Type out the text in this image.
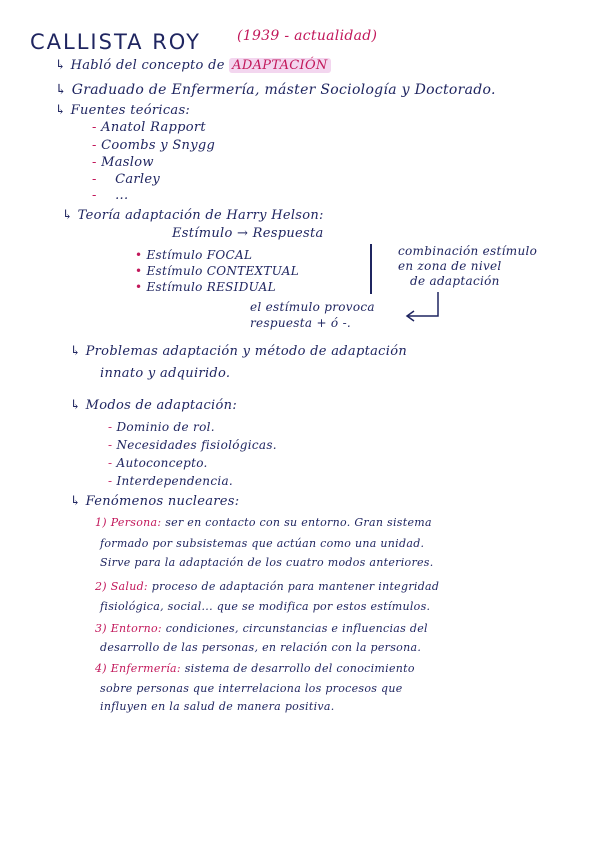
CALLISTA ROY	(1939 - actualidad)
↳ Habló del concepto de ADAPTACIÓN
↳ Graduado de Enfermería, máster Sociología y Doctorado.
↳ Fuentes teóricas:
- Anatol Rapport
- Coombs y Snygg
- Maslow
- Carley
- ...
↳ Teoría adaptación de Harry Helson:
Estímulo → Respuesta
• Estímulo FOCAL
• Estímulo CONTEXTUAL
• Estímulo RESIDUAL
combinación estímulo
en zona de nivel
de adaptación
el estímulo provoca
respuesta + ó -.
↳ Problemas adaptación y método de adaptación
innato y adquirido.
↳ Modos de adaptación:
- Dominio de rol.
- Necesidades fisiológicas.
- Autoconcepto.
- Interdependencia.
↳ Fenómenos nucleares:
1) Persona: ser en contacto con su entorno. Gran sistema
formado por subsistemas que actúan como una unidad.
Sirve para la adaptación de los cuatro modos anteriores.
2) Salud: proceso de adaptación para mantener integridad
fisiológica, social... que se modifica por estos estímulos.
3) Entorno: condiciones, circunstancias e influencias del
desarrollo de las personas, en relación con la persona.
4) Enfermería: sistema de desarrollo del conocimiento
sobre personas que interrelaciona los procesos que
influyen en la salud de manera positiva.
